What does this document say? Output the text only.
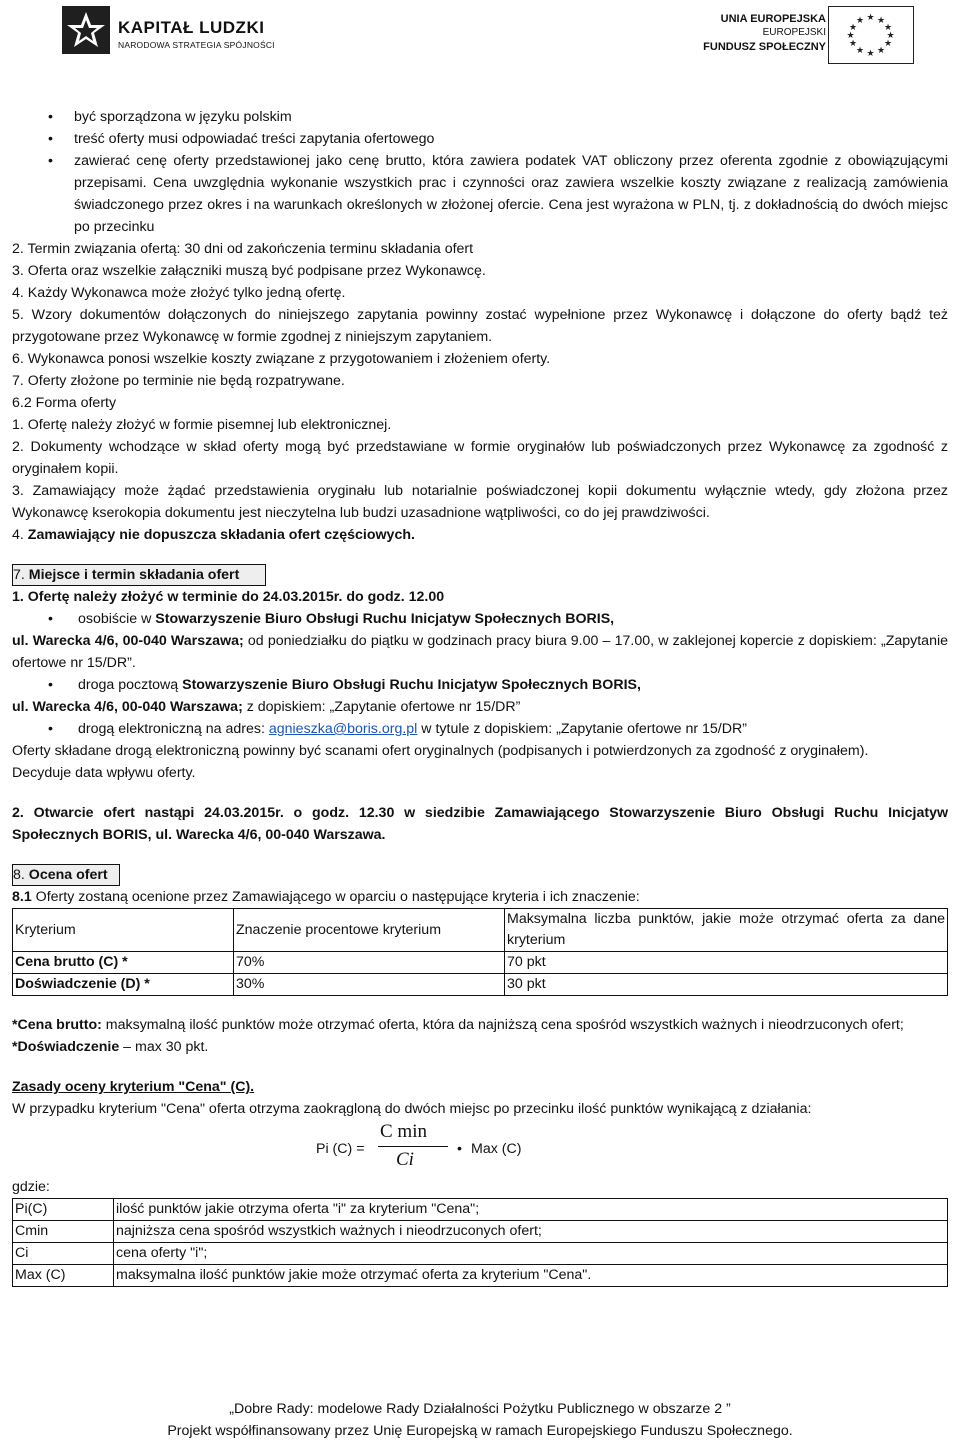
KAPITAŁ LUDZKI
NARODOWA STRATEGIA SPÓJNOŚCI
UNIA EUROPEJSKA
EUROPEJSKI
FUNDUSZ SPOŁECZNY
★ ★
★
★
★
★
★
★
★
★
★
★
•	być sporządzona w języku polskim
•	treść oferty musi odpowiadać treści zapytania ofertowego
•	zawierać cenę oferty przedstawionej jako cenę brutto, która zawiera podatek VAT obliczony przez oferenta zgodnie z obowiązującymi przepisami. Cena uwzględnia wykonanie wszystkich prac i czynności oraz zawiera wszelkie koszty związane z realizacją zamówienia świadczonego przez okres i na warunkach określonych w złożonej ofercie. Cena jest wyrażona w PLN, tj. z dokładnością do dwóch miejsc po przecinku
2. Termin związania ofertą: 30 dni od zakończenia terminu składania ofert
3. Oferta oraz wszelkie załączniki muszą być podpisane przez Wykonawcę.
4. Każdy Wykonawca może złożyć tylko jedną ofertę.
5. Wzory dokumentów dołączonych do niniejszego zapytania powinny zostać wypełnione przez Wykonawcę i dołączone do oferty bądź też przygotowane przez Wykonawcę w formie zgodnej z niniejszym zapytaniem.
6. Wykonawca ponosi wszelkie koszty związane z przygotowaniem i złożeniem oferty.
7. Oferty złożone po terminie nie będą rozpatrywane.
6.2 Forma oferty
1. Ofertę należy złożyć w formie pisemnej lub elektronicznej.
2. Dokumenty wchodzące w skład oferty mogą być przedstawiane w formie oryginałów lub poświadczonych przez Wykonawcę za zgodność z oryginałem kopii.
3. Zamawiający może żądać przedstawienia oryginału lub notarialnie poświadczonej kopii dokumentu wyłącznie wtedy, gdy złożona przez Wykonawcę kserokopia dokumentu jest nieczytelna lub budzi uzasadnione wątpliwości, co do jej prawdziwości.
4. Zamawiający nie dopuszcza składania ofert częściowych.
7. Miejsce i termin składania ofert
1. Ofertę należy złożyć w terminie do 24.03.2015r. do godz. 12.00
•	osobiście w Stowarzyszenie Biuro Obsługi Ruchu Inicjatyw Społecznych BORIS,
ul. Warecka 4/6, 00-040 Warszawa; od poniedziałku do piątku w godzinach pracy biura 9.00 – 17.00, w zaklejonej kopercie z dopiskiem: „Zapytanie ofertowe nr 15/DR”.
•	droga pocztową Stowarzyszenie Biuro Obsługi Ruchu Inicjatyw Społecznych BORIS,
ul. Warecka 4/6, 00-040 Warszawa; z dopiskiem: „Zapytanie ofertowe nr 15/DR”
•	drogą elektroniczną na adres: agnieszka@boris.org.pl w tytule z dopiskiem: „Zapytanie ofertowe nr 15/DR”
Oferty składane drogą elektroniczną powinny być scanami ofert oryginalnych (podpisanych i potwierdzonych za zgodność z oryginałem).
Decyduje data wpływu oferty.
2. Otwarcie ofert nastąpi 24.03.2015r. o godz. 12.30 w siedzibie Zamawiającego Stowarzyszenie Biuro Obsługi Ruchu Inicjatyw Społecznych BORIS, ul. Warecka 4/6, 00-040 Warszawa.
8. Ocena ofert
8.1 Oferty zostaną ocenione przez Zamawiającego w oparciu o następujące kryteria i ich znaczenie:
Kryterium	Znaczenie procentowe kryterium	Maksymalna liczba punktów, jakie może otrzymać oferta za dane kryterium
Cena brutto (C) *	70%	70 pkt
Doświadczenie (D) *	30%	30 pkt
*Cena brutto: maksymalną ilość punktów może otrzymać oferta, która da najniższą cena spośród wszystkich ważnych i nieodrzuconych ofert;
*Doświadczenie – max 30 pkt.
Zasady oceny kryterium "Cena" (C).
W przypadku kryterium "Cena" oferta otrzyma zaokrągloną do dwóch miejsc po przecinku ilość punktów wynikającą z działania:
Pi (C) =
C min
Ci	• Max (C)
gdzie:
Pi(C)	ilość punktów jakie otrzyma oferta "i" za kryterium "Cena";
Cmin	najniższa cena spośród wszystkich ważnych i nieodrzuconych ofert;
Ci	cena oferty "i";
Max (C)	maksymalna ilość punktów jakie może otrzymać oferta za kryterium "Cena".
„Dobre Rady: modelowe Rady Działalności Pożytku Publicznego w obszarze 2 ”
Projekt współfinansowany przez Unię Europejską w ramach Europejskiego Funduszu Społecznego.
